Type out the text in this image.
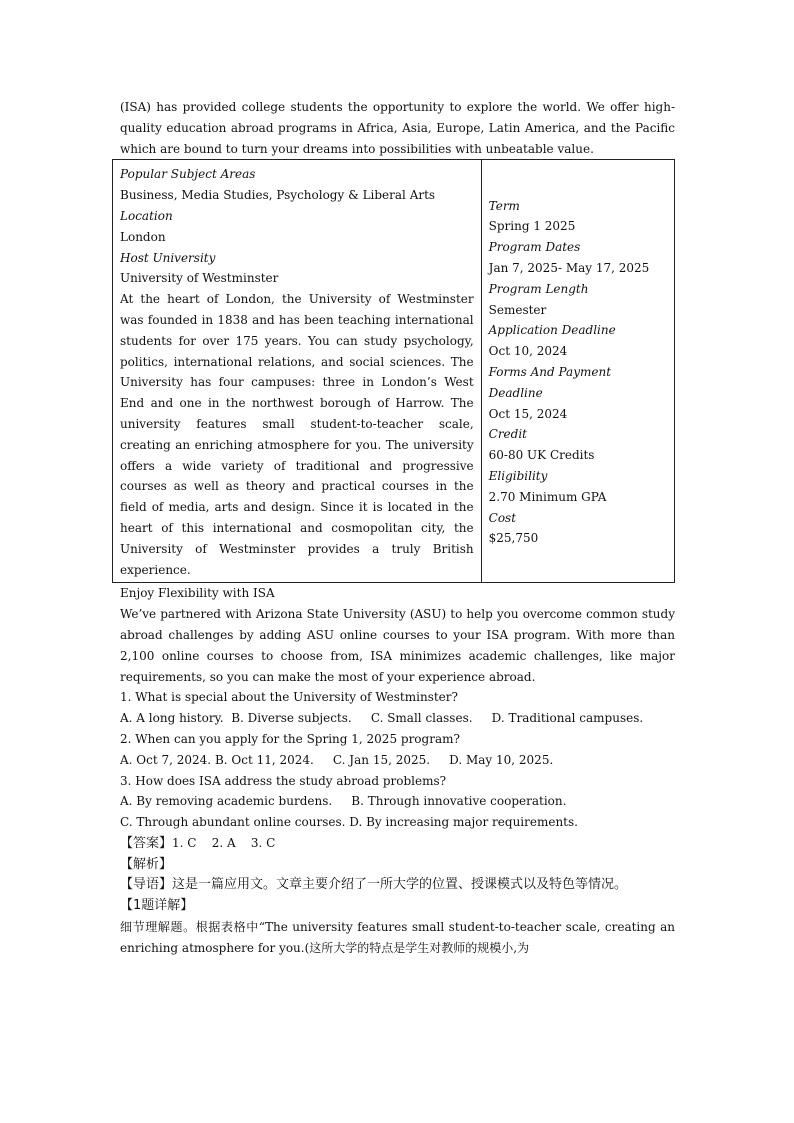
(ISA) has provided college students the opportunity to explore the world. We offer high- quality education abroad programs in Africa, Asia, Europe, Latin America, and the Pacific which are bound to turn your dreams into possibilities with unbeatable value.

Popular Subject Areas
Business, Media Studies, Psychology & Liberal Arts
Location
London
Host University
University of Westminster
At the heart of London, the University of Westminster was founded in 1838 and has been teaching international students for over 175 years. You can study psychology, politics, international relations, and social sciences. The University has four campuses: three in London’s West End and one in the northwest borough of Harrow. The university features small student-to-teacher scale, creating an enriching atmosphere for you. The university offers a wide variety of traditional and progressive courses as well as theory and practical courses in the field of media, arts and design. Since it is located in the heart of this international and cosmopolitan city, the University of Westminster provides a truly British experience.

Term
Spring 1 2025
Program Dates
Jan 7, 2025- May 17, 2025
Program Length
Semester
Application Deadline
Oct 10, 2024
Forms And Payment Deadline
Oct 15, 2024
Credit
60-80 UK Credits
Eligibility
2.70 Minimum GPA
Cost
$25,750

Enjoy Flexibility with ISA

We’ve partnered with Arizona State University (ASU) to help you overcome common study abroad challenges by adding ASU online courses to your ISA program. With more than 2,100 online courses to choose from, ISA minimizes academic challenges, like major requirements, so you can make the most of your experience abroad.

1. What is special about the University of Westminster?

A. A long history. B. Diverse subjects. C. Small classes. D. Traditional campuses.

2. When can you apply for the Spring 1, 2025 program?

A. Oct 7, 2024. B. Oct 11, 2024. C. Jan 15, 2025. D. May 10, 2025.

3. How does ISA address the study abroad problems?

A. By removing academic burdens. B. Through innovative cooperation.

C. Through abundant online courses. D. By increasing major requirements.

【答案】1. C    2. A    3. C

【解析】

【导语】这是一篇应用文。文章主要介绍了一所大学的位置、授课模式以及特色等情况。

【1题详解】

细节理解题。根据表格中“The university features small student-to-teacher scale, creating an enriching atmosphere for you.(这所大学的特点是学生对教师的规模小,为
